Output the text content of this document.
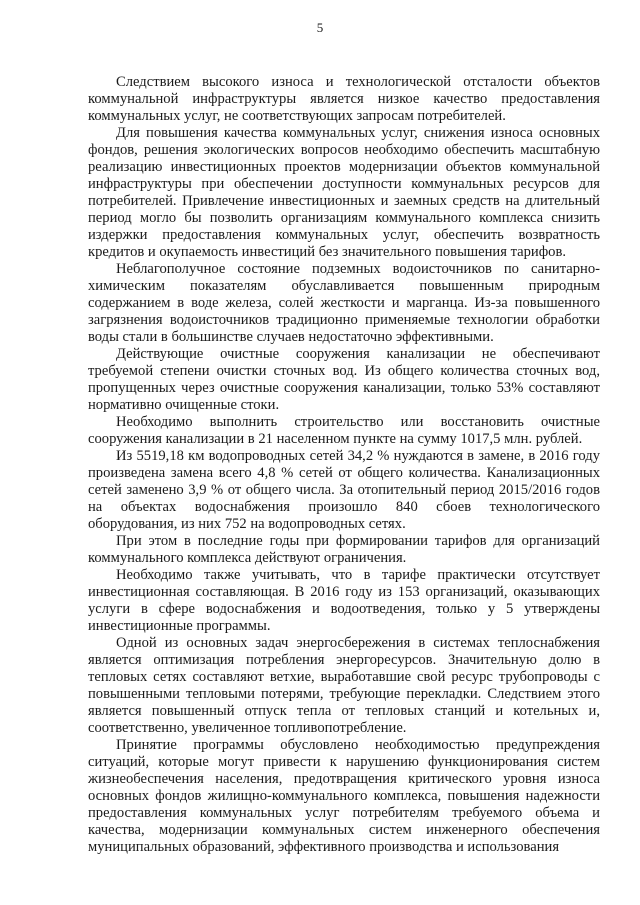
5

Следствием высокого износа и технологической отсталости объектов коммунальной инфраструктуры является низкое качество предоставления коммунальных услуг, не соответствующих запросам потребителей.

Для повышения качества коммунальных услуг, снижения износа основных фондов, решения экологических вопросов необходимо обеспечить масштабную реализацию инвестиционных проектов модернизации объектов коммунальной инфраструктуры при обеспечении доступности коммунальных ресурсов для потребителей. Привлечение инвестиционных и заемных средств на длительный период могло бы позволить организациям коммунального комплекса снизить издержки предоставления коммунальных услуг, обеспечить возвратность кредитов и окупаемость инвестиций без значительного повышения тарифов.

Неблагополучное состояние подземных водоисточников по санитарно-химическим показателям обуславливается повышенным природным содержанием в воде железа, солей жесткости и марганца. Из-за повышенного загрязнения водоисточников традиционно применяемые технологии обработки воды стали в большинстве случаев недостаточно эффективными.

Действующие очистные сооружения канализации не обеспечивают требуемой степени очистки сточных вод. Из общего количества сточных вод, пропущенных через очистные сооружения канализации, только 53% составляют нормативно очищенные стоки.

Необходимо выполнить строительство или восстановить очистные сооружения канализации в 21 населенном пункте на сумму 1017,5 млн. рублей.

Из 5519,18 км водопроводных сетей 34,2 % нуждаются в замене, в 2016 году произведена замена всего 4,8 % сетей от общего количества. Канализационных сетей заменено 3,9 % от общего числа. За отопительный период 2015/2016 годов на объектах водоснабжения произошло 840 сбоев технологического оборудования, из них 752 на водопроводных сетях.

При этом в последние годы при формировании тарифов для организаций коммунального комплекса действуют ограничения.

Необходимо также учитывать, что в тарифе практически отсутствует инвестиционная составляющая. В 2016 году из 153 организаций, оказывающих услуги в сфере водоснабжения и водоотведения, только у 5 утверждены инвестиционные программы.

Одной из основных задач энергосбережения в системах теплоснабжения является оптимизация потребления энергоресурсов. Значительную долю в тепловых сетях составляют ветхие, выработавшие свой ресурс трубопроводы с повышенными тепловыми потерями, требующие перекладки. Следствием этого является повышенный отпуск тепла от тепловых станций и котельных и, соответственно, увеличенное топливопотребление.

Принятие программы обусловлено необходимостью предупреждения ситуаций, которые могут привести к нарушению функционирования систем жизнеобеспечения населения, предотвращения критического уровня износа основных фондов жилищно-коммунального комплекса, повышения надежности предоставления коммунальных услуг потребителям требуемого объема и качества, модернизации коммунальных систем инженерного обеспечения муниципальных образований, эффективного производства и использования
